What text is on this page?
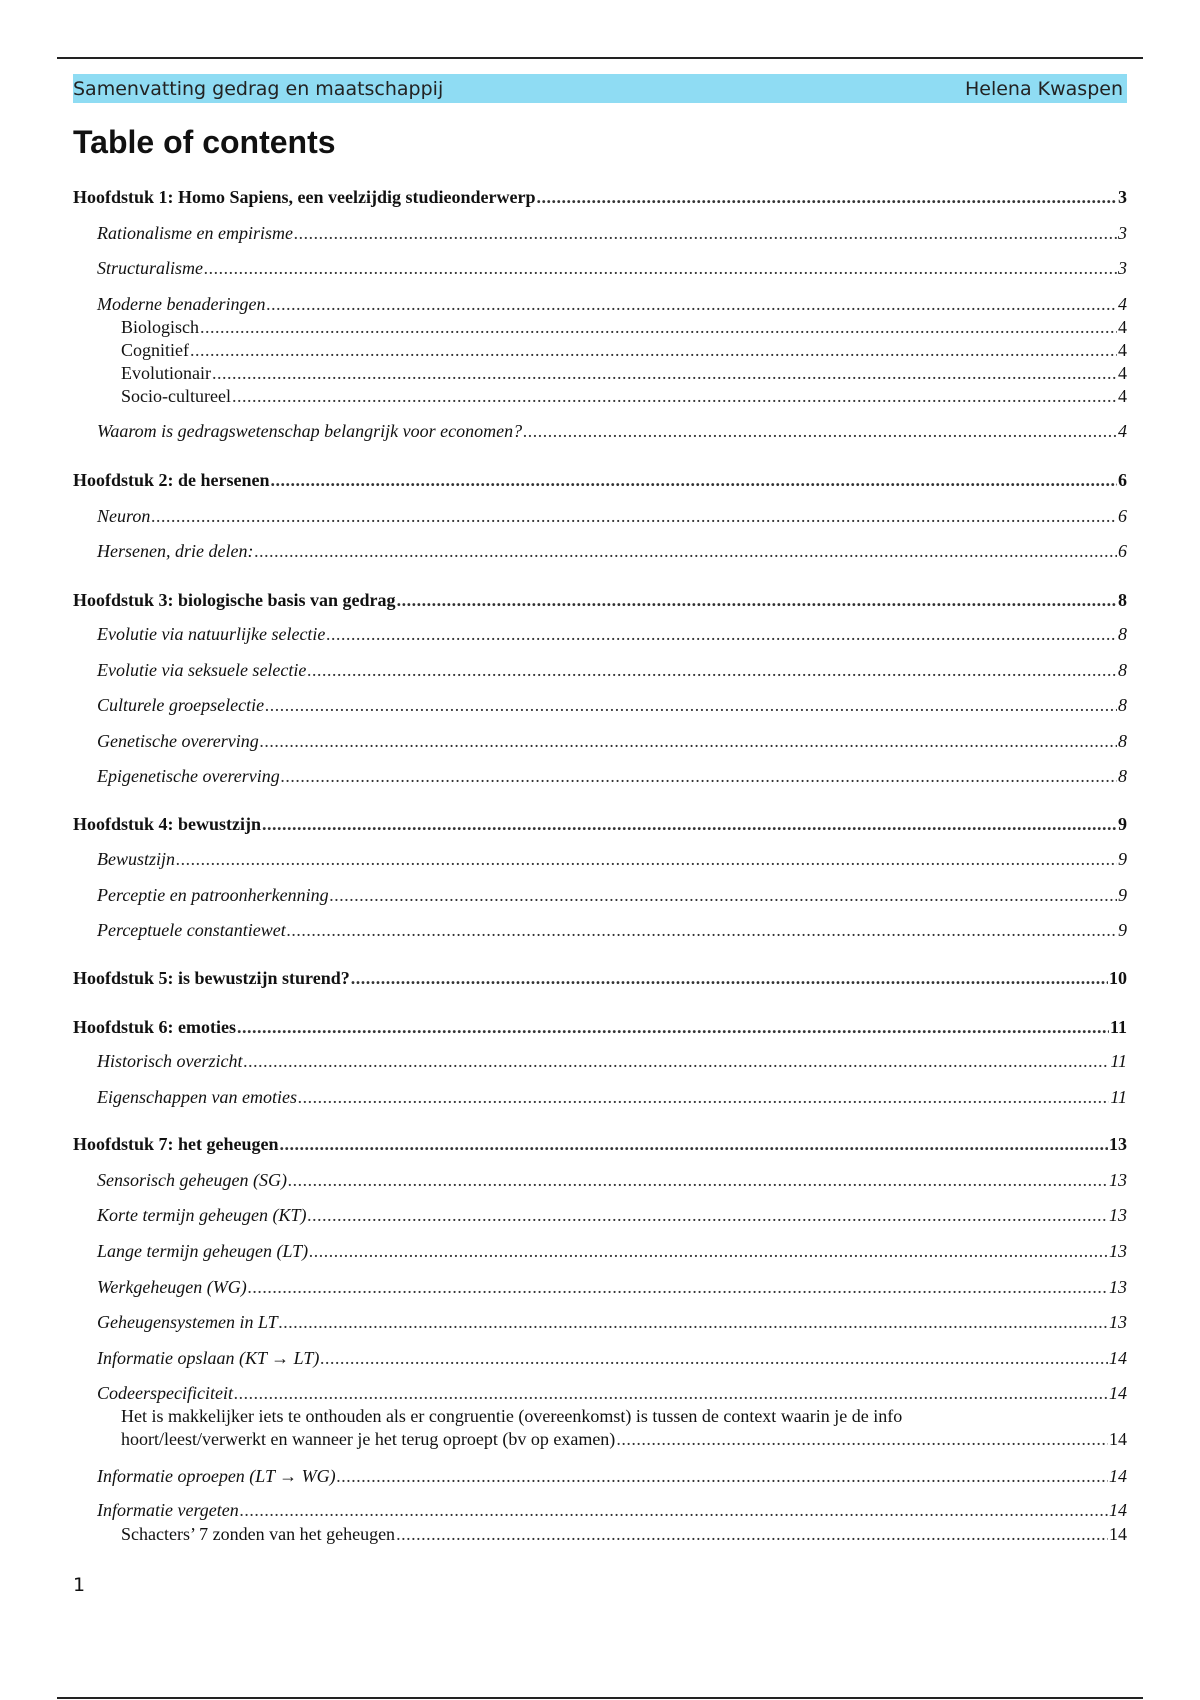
Samenvatting gedrag en maatschappij	Helena Kwaspen
Table of contents
Hoofdstuk 1: Homo Sapiens, een veelzijdig studieonderwerp .....	3
Rationalisme en empirisme .....	3
Structuralisme .....	3
Moderne benaderingen .....	4
Biologisch .....	4
Cognitief .....	4
Evolutionair .....	4
Socio-cultureel .....	4
Waarom is gedragswetenschap belangrijk voor economen? .....	4
Hoofdstuk 2: de hersenen .....	6
Neuron .....	6
Hersenen, drie delen: .....	6
Hoofdstuk 3: biologische basis van gedrag .....	8
Evolutie via natuurlijke selectie .....	8
Evolutie via seksuele selectie .....	8
Culturele groepselectie .....	8
Genetische overerving .....	8
Epigenetische overerving .....	8
Hoofdstuk 4: bewustzijn .....	9
Bewustzijn .....	9
Perceptie en patroonherkenning .....	9
Perceptuele constantiewet .....	9
Hoofdstuk 5: is bewustzijn sturend? .....	10
Hoofdstuk 6: emoties .....	11
Historisch overzicht .....	11
Eigenschappen van emoties .....	11
Hoofdstuk 7: het geheugen .....	13
Sensorisch geheugen (SG) .....	13
Korte termijn geheugen (KT) .....	13
Lange termijn geheugen (LT) .....	13
Werkgeheugen (WG) .....	13
Geheugensystemen in LT .....	13
Informatie opslaan (KT → LT) .....	14
Codeerspecificiteit .....	14
Het is makkelijker iets te onthouden als er congruentie (overeenkomst) is tussen de context waarin je de info
hoort/leest/verwerkt en wanneer je het terug oproept (bv op examen) .....	14
Informatie oproepen (LT → WG) .....	14
Informatie vergeten .....	14
Schacters’ 7 zonden van het geheugen .....	14
1
